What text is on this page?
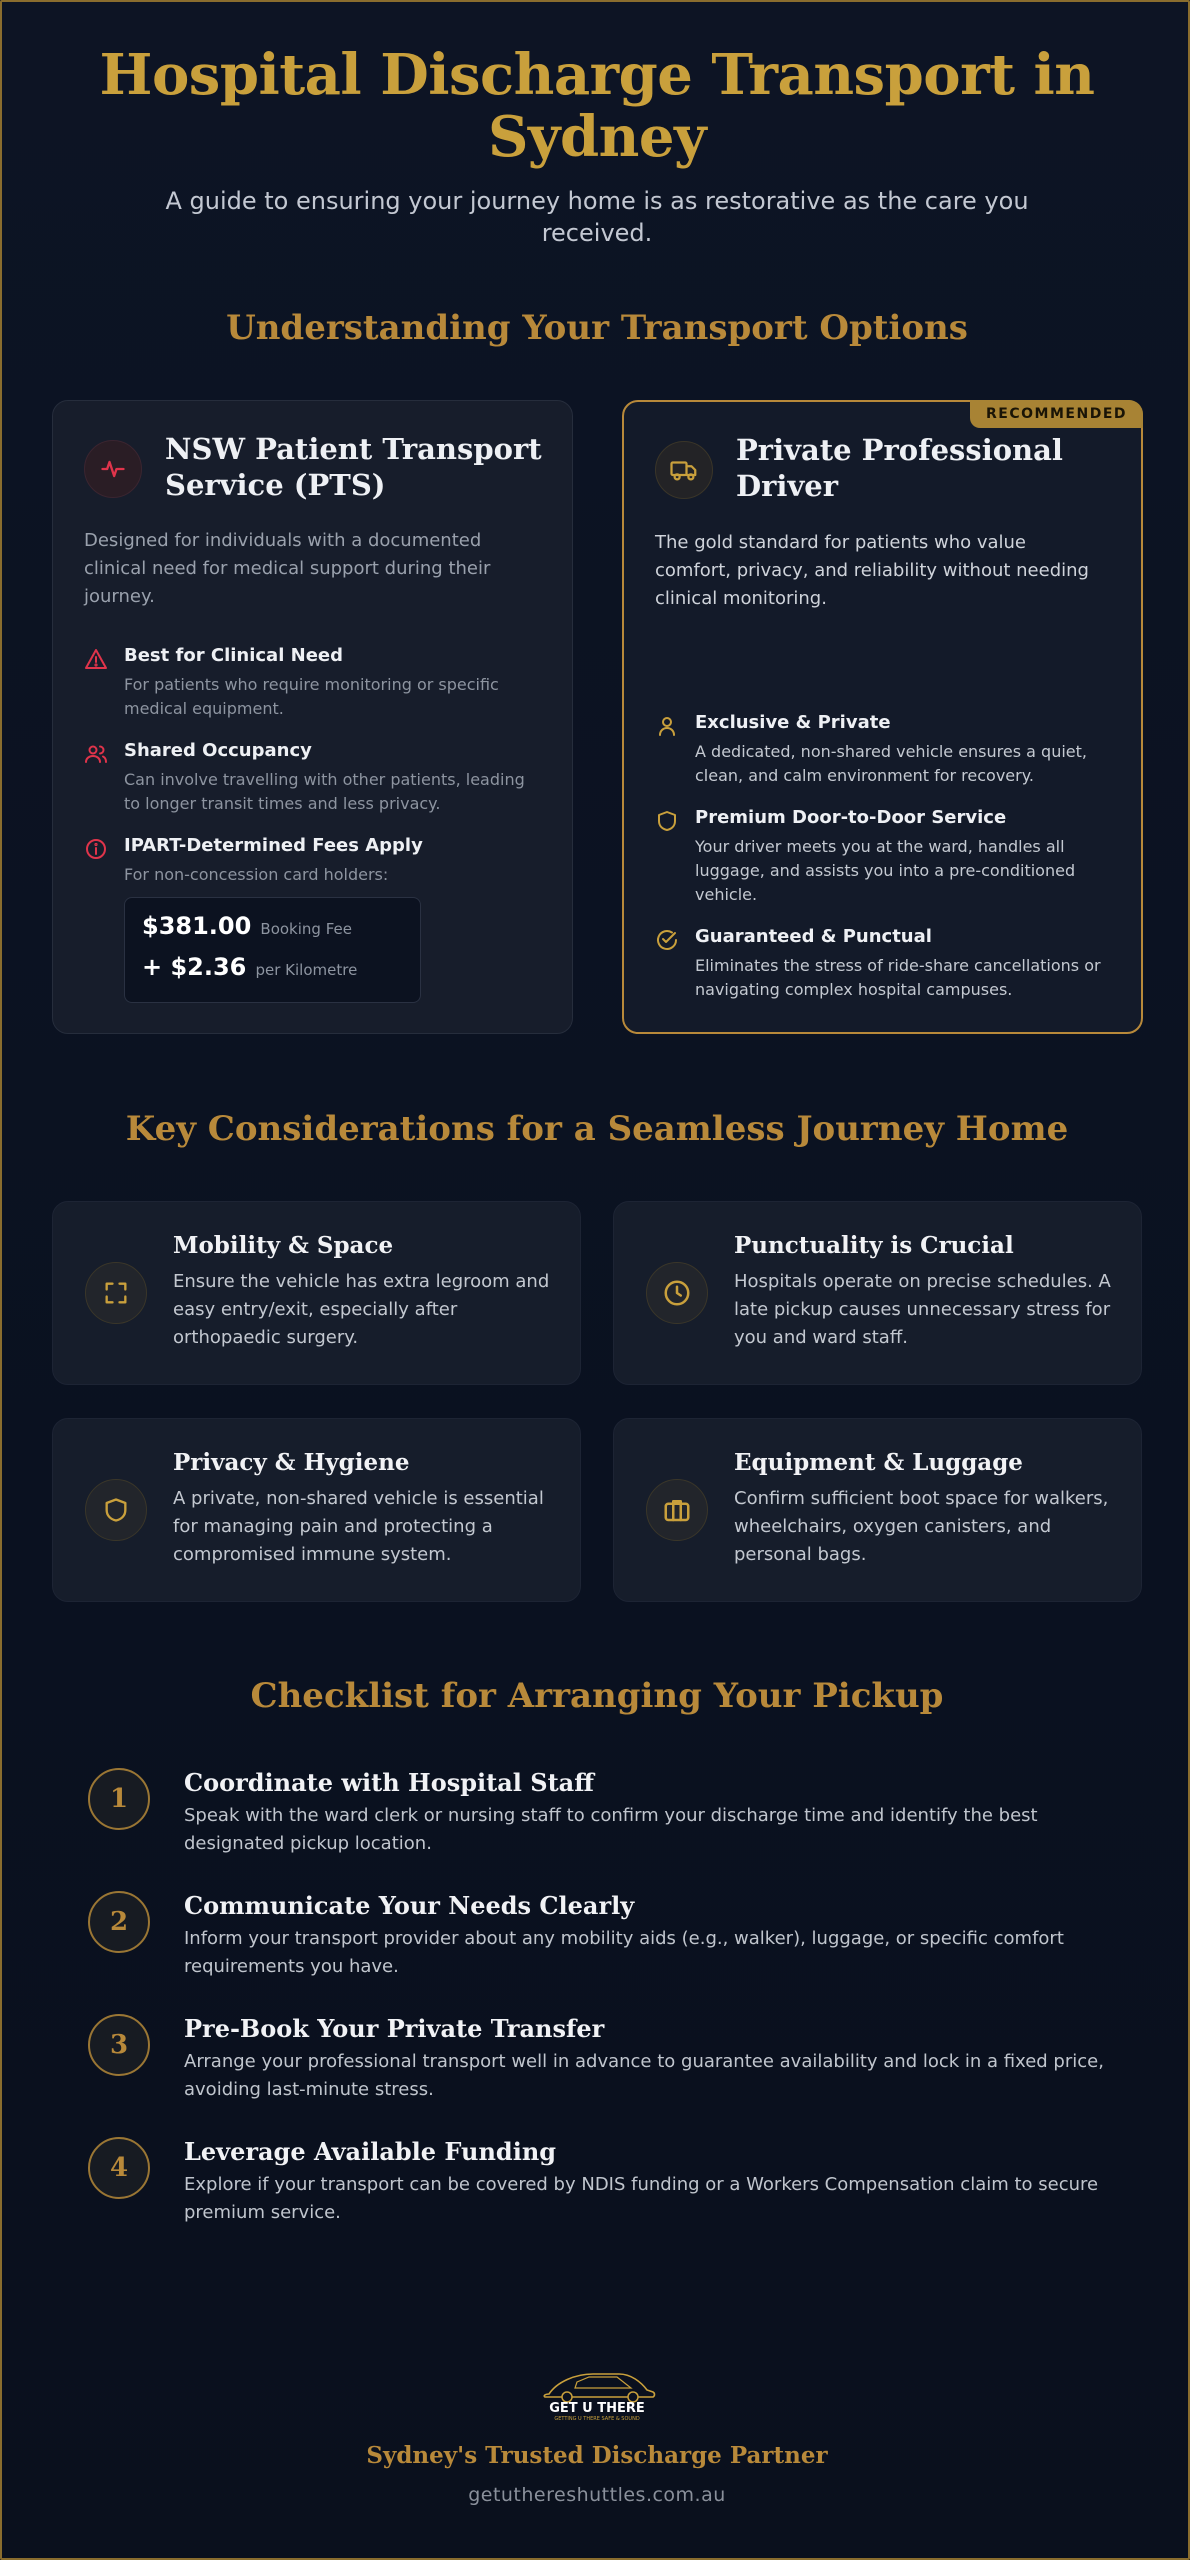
Hospital Discharge Transport in Sydney

A guide to ensuring your journey home is as restorative as the care you received.

Understanding Your Transport Options
NSW Patient Transport Service (PTS)
Designed for individuals with a documented clinical need for medical support during their journey.
Best for Clinical Need
For patients who require monitoring or specific medical equipment.
Shared Occupancy
Can involve travelling with other patients, leading to longer transit times and less privacy.
IPART-Determined Fees Apply
For non-concession card holders:
$381.00 Booking Fee
+ $2.36 per Kilometre
RECOMMENDED
Private Professional Driver
The gold standard for patients who value comfort, privacy, and reliability without needing clinical monitoring.
Exclusive & Private
A dedicated, non-shared vehicle ensures a quiet, clean, and calm environment for recovery.
Premium Door-to-Door Service
Your driver meets you at the ward, handles all luggage, and assists you into a pre-conditioned vehicle.
Guaranteed & Punctual
Eliminates the stress of ride-share cancellations or navigating complex hospital campuses.
Key Considerations for a Seamless Journey Home
Mobility & Space
Ensure the vehicle has extra legroom and easy entry/exit, especially after orthopaedic surgery.
Punctuality is Crucial
Hospitals operate on precise schedules. A late pickup causes unnecessary stress for you and ward staff.
Privacy & Hygiene
A private, non-shared vehicle is essential for managing pain and protecting a compromised immune system.
Equipment & Luggage
Confirm sufficient boot space for walkers, wheelchairs, oxygen canisters, and personal bags.
Checklist for Arranging Your Pickup
1
Coordinate with Hospital Staff
Speak with the ward clerk or nursing staff to confirm your discharge time and identify the best designated pickup location.
2
Communicate Your Needs Clearly
Inform your transport provider about any mobility aids (e.g., walker), luggage, or specific comfort requirements you have.
3
Pre-Book Your Private Transfer
Arrange your professional transport well in advance to guarantee availability and lock in a fixed price, avoiding last-minute stress.
4
Leverage Available Funding
Explore if your transport can be covered by NDIS funding or a Workers Compensation claim to secure premium service.
GET U THERE
GETTING U THERE SAFE & SOUND
Sydney's Trusted Discharge Partner
getuthereshuttles.com.au
